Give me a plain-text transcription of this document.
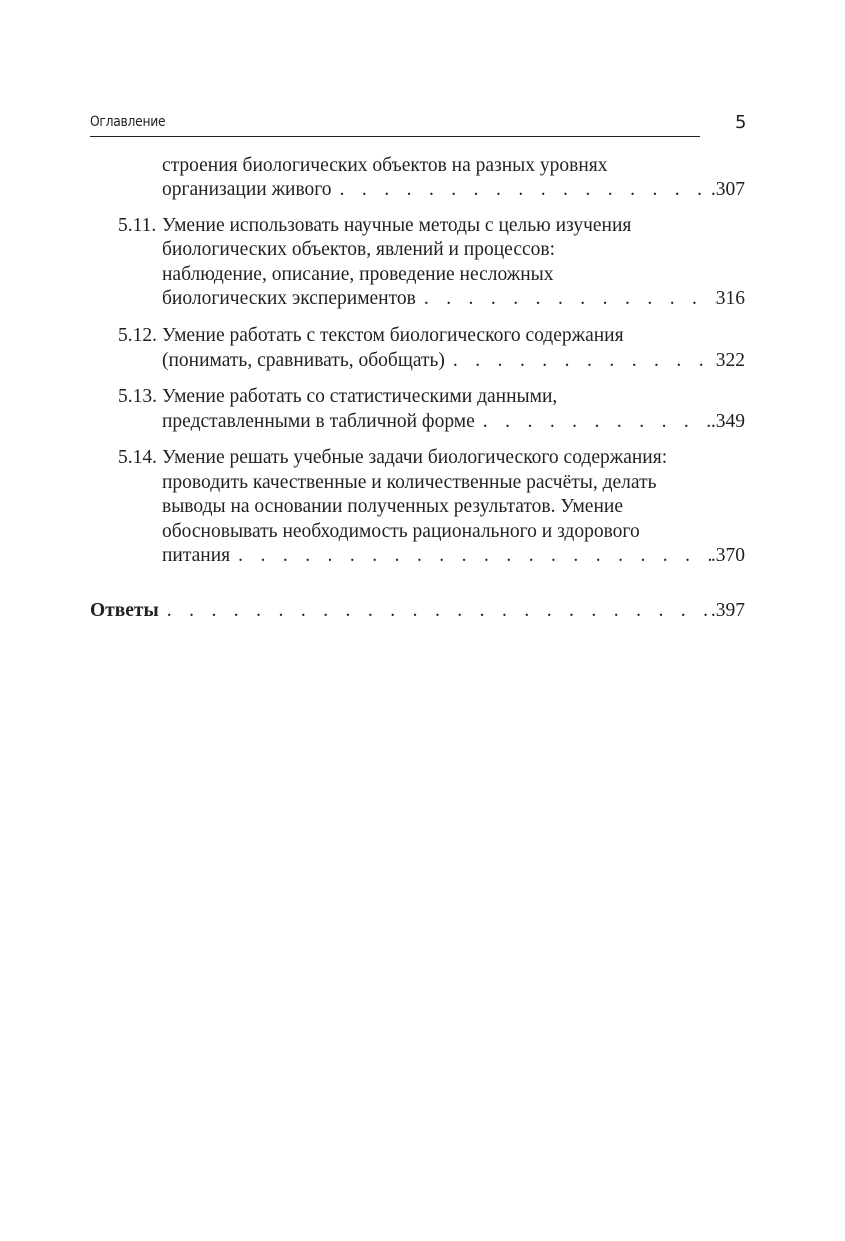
Оглавление	5
строения биологических объектов на разных уровнях
организации живого . . .	.307
5.11. Умение использовать научные методы с целью изучения
биологических объектов, явлений и процессов:
наблюдение, описание, проведение несложных
биологических экспериментов . . .	316
5.12. Умение работать с текстом биологического содержания
(понимать, сравнивать, обобщать) . . .	322
5.13. Умение работать со статистическими данными,
представленными в табличной форме . . .	.349
5.14. Умение решать учебные задачи биологического содержания:
проводить качественные и количественные расчёты, делать
выводы на основании полученных результатов. Умение
обосновывать необходимость рационального и здорового
питания . . .	.370
Ответы . . .	.397
